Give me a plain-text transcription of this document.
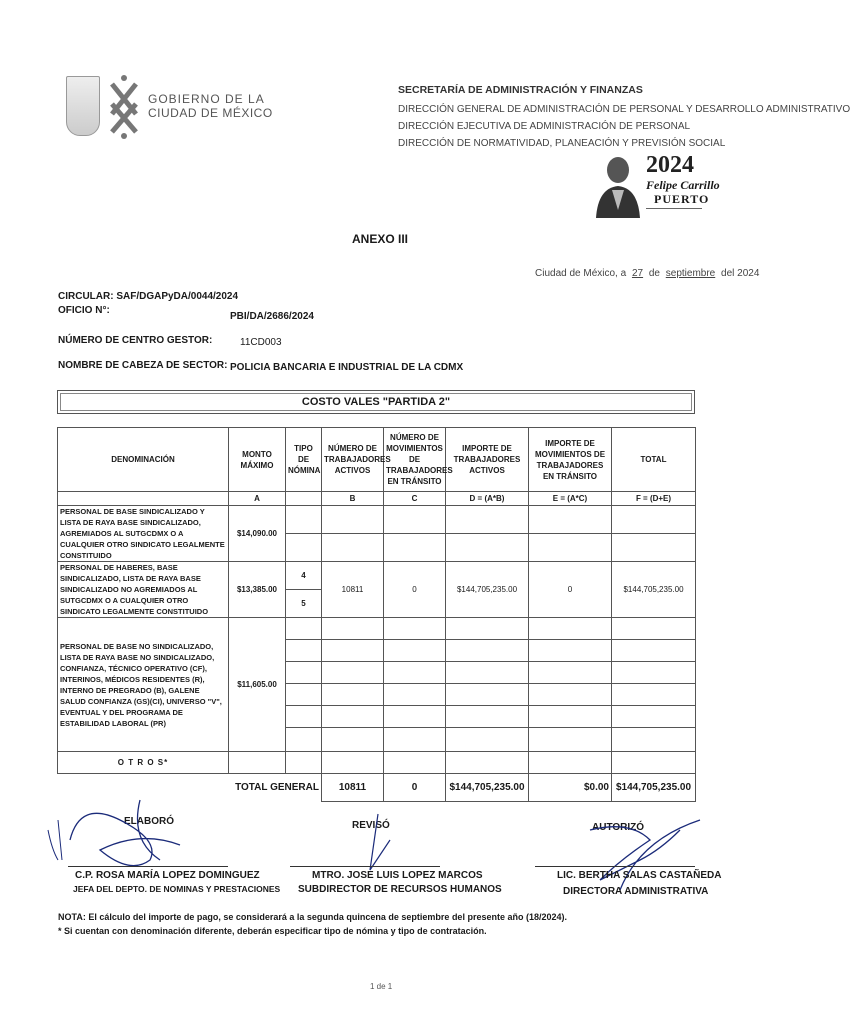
GOBIERNO DE LA
CIUDAD DE MÉXICO
SECRETARÍA DE ADMINISTRACIÓN Y FINANZAS
DIRECCIÓN GENERAL DE ADMINISTRACIÓN DE PERSONAL Y DESARROLLO ADMINISTRATIVO
DIRECCIÓN EJECUTIVA DE ADMINISTRACIÓN DE PERSONAL
DIRECCIÓN DE NORMATIVIDAD, PLANEACIÓN Y PREVISIÓN SOCIAL
2024
Felipe Carrillo
PUERTO
ANEXO III
Ciudad de México, a 27 de septiembre del 2024
CIRCULAR: SAF/DGAPyDA/0044/2024
OFICIO N°:
PBI/DA/2686/2024
NÚMERO DE CENTRO GESTOR:	11CD003
NOMBRE DE CABEZA DE SECTOR: POLICIA BANCARIA E INDUSTRIAL DE LA CDMX
COSTO VALES "PARTIDA 2"
DENOMINACIÓN	MONTO MÁXIMO	TIPO DE NÓMINA	NÚMERO DE TRABAJADORES ACTIVOS	NÚMERO DE MOVIMIENTOS DE TRABAJADORES EN TRÁNSITO	IMPORTE DE TRABAJADORES ACTIVOS	IMPORTE DE MOVIMIENTOS DE TRABAJADORES EN TRÁNSITO	TOTAL
	A		B	C	D = (A*B)	E = (A*C)	F = (D+E)
PERSONAL DE BASE SINDICALIZADO Y LISTA DE RAYA BASE SINDICALIZADO, AGREMIADOS AL SUTGCDMX O A CUALQUIER OTRO SINDICATO LEGALMENTE CONSTITUIDO	$14,090.00						

PERSONAL DE HABERES, BASE SINDICALIZADO, LISTA DE RAYA BASE SINDICALIZADO NO AGREMIADOS AL SUTGCDMX O A CUALQUIER OTRO SINDICATO LEGALMENTE CONSTITUIDO	$13,385.00	4	10811	0	$144,705,235.00	0	$144,705,235.00
		5					
PERSONAL DE BASE NO SINDICALIZADO, LISTA DE RAYA BASE NO SINDICALIZADO, CONFIANZA, TÉCNICO OPERATIVO (CF), INTERINOS, MÉDICOS RESIDENTES (R), INTERNO DE PREGRADO (B), GALENE SALUD CONFIANZA (GS)(CI), UNIVERSO "V", EVENTUAL Y DEL PROGRAMA DE ESTABILIDAD LABORAL (PR)	$11,605.00						

O T R O S*							
TOTAL GENERAL			10811	0	$144,705,235.00	$0.00	$144,705,235.00
ELABORÓ	REVISÓ	AUTORIZÓ
C.P. ROSA MARÍA LOPEZ DOMINGUEZ
JEFA DEL DEPTO. DE NOMINAS Y PRESTACIONES
MTRO. JOSE LUIS LOPEZ MARCOS
SUBDIRECTOR DE RECURSOS HUMANOS
LIC. BERTHA SALAS CASTAÑEDA
DIRECTORA ADMINISTRATIVA
NOTA: El cálculo del importe de pago, se considerará a la segunda quincena de septiembre del presente año (18/2024).
* Si cuentan con denominación diferente, deberán especificar tipo de nómina y tipo de contratación.
1 de 1
